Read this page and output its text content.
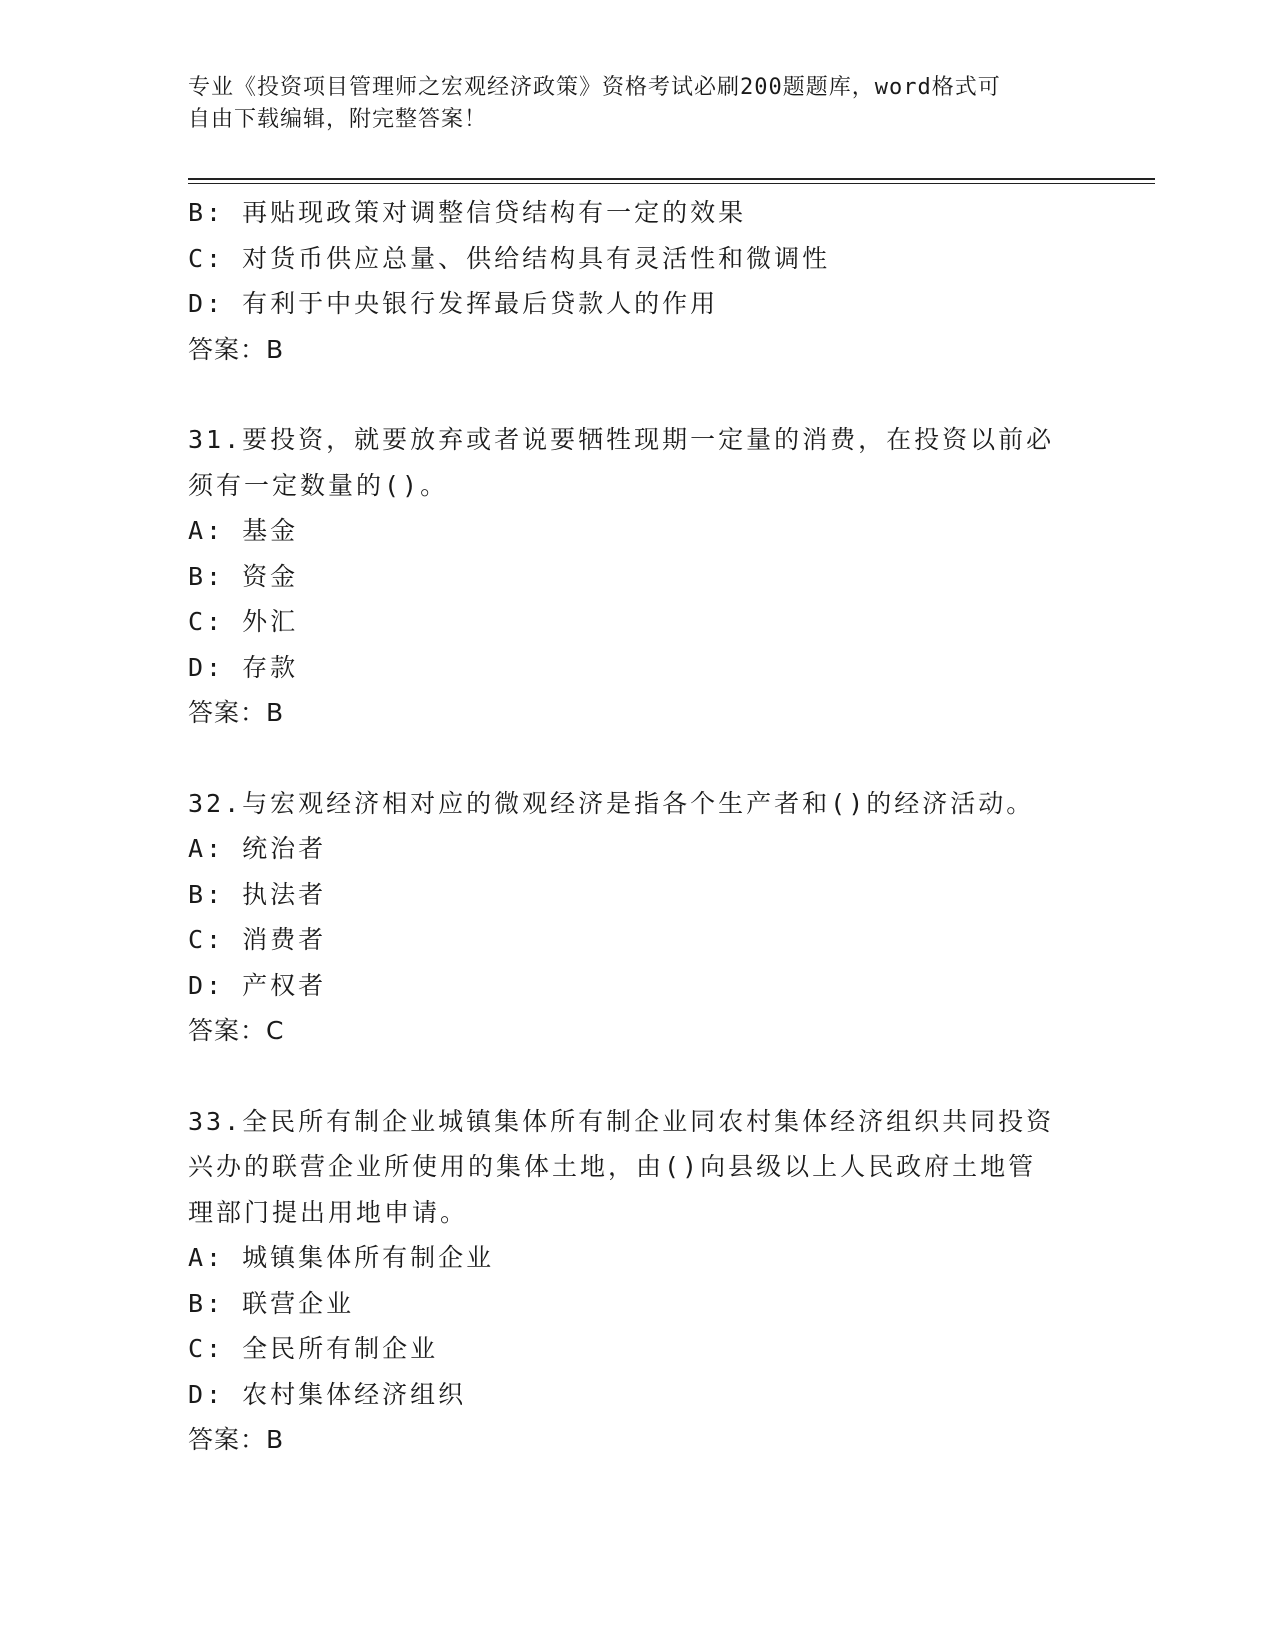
专业《投资项目管理师之宏观经济政策》资格考试必刷200题题库，word格式可
自由下载编辑，附完整答案！
B: 再贴现政策对调整信贷结构有一定的效果
C: 对货币供应总量、供给结构具有灵活性和微调性
D: 有利于中央银行发挥最后贷款人的作用
答案：B
31.要投资，就要放弃或者说要牺牲现期一定量的消费，在投资以前必
须有一定数量的()。
A: 基金
B: 资金
C: 外汇
D: 存款
答案：B
32.与宏观经济相对应的微观经济是指各个生产者和()的经济活动。
A: 统治者
B: 执法者
C: 消费者
D: 产权者
答案：C
33.全民所有制企业城镇集体所有制企业同农村集体经济组织共同投资
兴办的联营企业所使用的集体土地，由()向县级以上人民政府土地管
理部门提出用地申请。
A: 城镇集体所有制企业
B: 联营企业
C: 全民所有制企业
D: 农村集体经济组织
答案：B
